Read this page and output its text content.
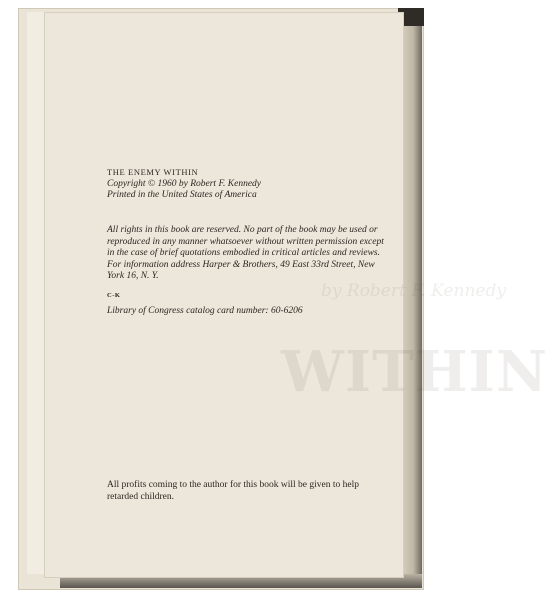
by Robert F. Kennedy
WITHIN
THE ENEMY WITHIN
Copyright © 1960 by Robert F. Kennedy
Printed in the United States of America
All rights in this book are reserved. No part of the book may be used or
reproduced in any manner whatsoever without written permission except
in the case of brief quotations embodied in critical articles and reviews.
For information address Harper & Brothers, 49 East 33rd Street, New
York 16, N. Y.
C-K
Library of Congress catalog card number: 60-6206
All profits coming to the author for this book will be given to help
retarded children.
